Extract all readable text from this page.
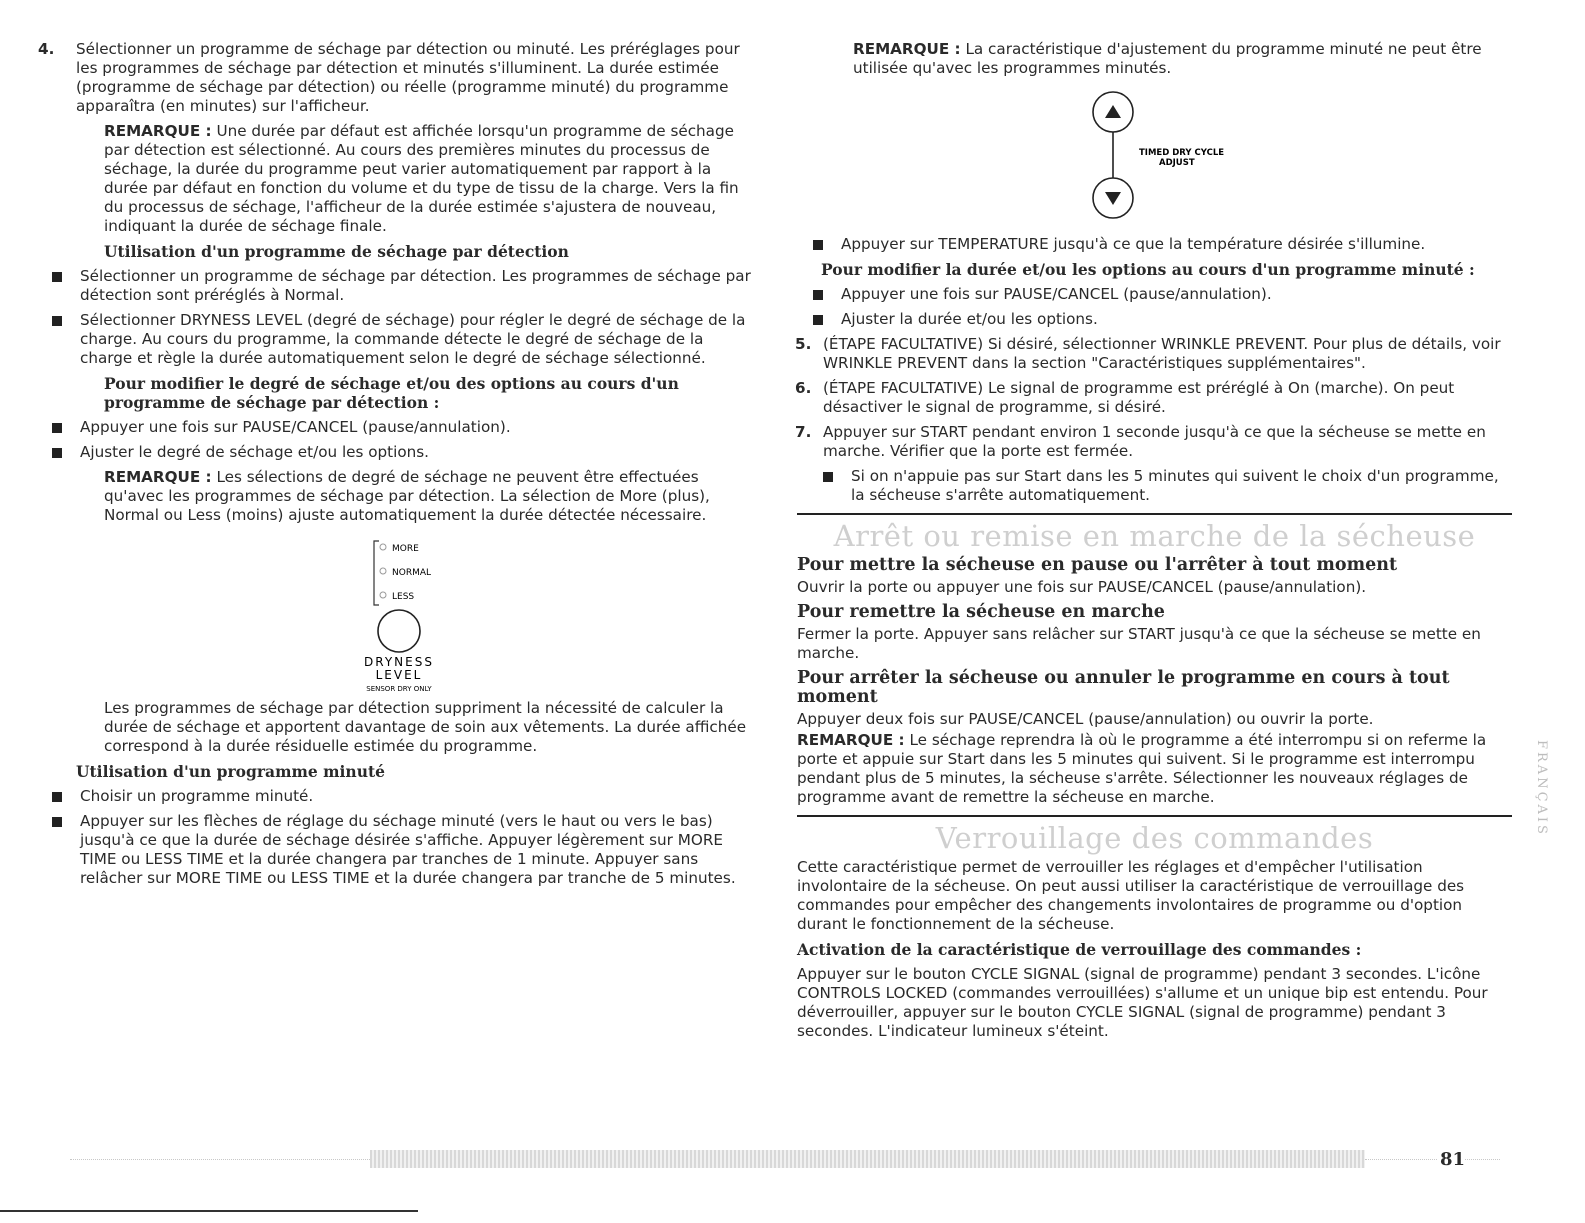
4.	Sélectionner un programme de séchage par détection ou minuté. Les préréglages pour les programmes de séchage par détection et minutés s'illuminent. La durée estimée (programme de séchage par détection) ou réelle (programme minuté) du programme apparaîtra (en minutes) sur l'afficheur.

REMARQUE : Une durée par défaut est affichée lorsqu'un programme de séchage par détection est sélectionné. Au cours des premières minutes du processus de séchage, la durée du programme peut varier automatiquement par rapport à la durée par défaut en fonction du volume et du type de tissu de la charge. Vers la fin du processus de séchage, l'afficheur de la durée estimée s'ajustera de nouveau, indiquant la durée de séchage finale.

Utilisation d'un programme de séchage par détection
Sélectionner un programme de séchage par détection. Les programmes de séchage par détection sont préréglés à Normal.
Sélectionner DRYNESS LEVEL (degré de séchage) pour régler le degré de séchage de la charge. Au cours du programme, la commande détecte le degré de séchage de la charge et règle la durée automatiquement selon le degré de séchage sélectionné.
Pour modifier le degré de séchage et/ou des options au cours d'un programme de séchage par détection :
Appuyer une fois sur PAUSE/CANCEL (pause/annulation).
Ajuster le degré de séchage et/ou les options.

REMARQUE : Les sélections de degré de séchage ne peuvent être effectuées qu'avec les programmes de séchage par détection. La sélection de More (plus), Normal ou Less (moins) ajuste automatiquement la durée détectée nécessaire.

MORE
NORMAL
LESS
DRYNESS
LEVEL
SENSOR DRY ONLY

Les programmes de séchage par détection suppriment la nécessité de calculer la durée de séchage et apportent davantage de soin aux vêtements. La durée affichée correspond à la durée résiduelle estimée du programme.

Utilisation d'un programme minuté
Choisir un programme minuté.
Appuyer sur les flèches de réglage du séchage minuté (vers le haut ou vers le bas) jusqu'à ce que la durée de séchage désirée s'affiche. Appuyer légèrement sur MORE TIME ou LESS TIME et la durée changera par tranches de 1 minute. Appuyer sans relâcher sur MORE TIME ou LESS TIME et la durée changera par tranche de 5 minutes.

REMARQUE : La caractéristique d'ajustement du programme minuté ne peut être utilisée qu'avec les programmes minutés.

TIMED DRY CYCLE
ADJUST
Appuyer sur TEMPERATURE jusqu'à ce que la température désirée s'illumine.
Pour modifier la durée et/ou les options au cours d'un programme minuté :
Appuyer une fois sur PAUSE/CANCEL (pause/annulation).
Ajuster la durée et/ou les options.
5. (ÉTAPE FACULTATIVE) Si désiré, sélectionner WRINKLE PREVENT. Pour plus de détails, voir WRINKLE PREVENT dans la section "Caractéristiques supplémentaires".
6. (ÉTAPE FACULTATIVE) Le signal de programme est préréglé à On (marche). On peut désactiver le signal de programme, si désiré.
7. Appuyer sur START pendant environ 1 seconde jusqu'à ce que la sécheuse se mette en marche. Vérifier que la porte est fermée.
Si on n'appuie pas sur Start dans les 5 minutes qui suivent le choix d'un programme, la sécheuse s'arrête automatiquement.
Arrêt ou remise en marche de la sécheuse
Pour mettre la sécheuse en pause ou l'arrêter à tout moment

Ouvrir la porte ou appuyer une fois sur PAUSE/CANCEL (pause/annulation).

Pour remettre la sécheuse en marche

Fermer la porte. Appuyer sans relâcher sur START jusqu'à ce que la sécheuse se mette en marche.

Pour arrêter la sécheuse ou annuler le programme en cours à tout moment

Appuyer deux fois sur PAUSE/CANCEL (pause/annulation) ou ouvrir la porte.

REMARQUE : Le séchage reprendra là où le programme a été interrompu si on referme la porte et appuie sur Start dans les 5 minutes qui suivent. Si le programme est interrompu pendant plus de 5 minutes, la sécheuse s'arrête. Sélectionner les nouveaux réglages de programme avant de remettre la sécheuse en marche.

Verrouillage des commandes

Cette caractéristique permet de verrouiller les réglages et d'empêcher l'utilisation involontaire de la sécheuse. On peut aussi utiliser la caractéristique de verrouillage des commandes pour empêcher des changements involontaires de programme ou d'option durant le fonctionnement de la sécheuse.

Activation de la caractéristique de verrouillage des commandes :

Appuyer sur le bouton CYCLE SIGNAL (signal de programme) pendant 3 secondes. L'icône CONTROLS LOCKED (commandes verrouillées) s'allume et un unique bip est entendu. Pour déverrouiller, appuyer sur le bouton CYCLE SIGNAL (signal de programme) pendant 3 secondes. L'indicateur lumineux s'éteint.

FRANÇAIS
81
